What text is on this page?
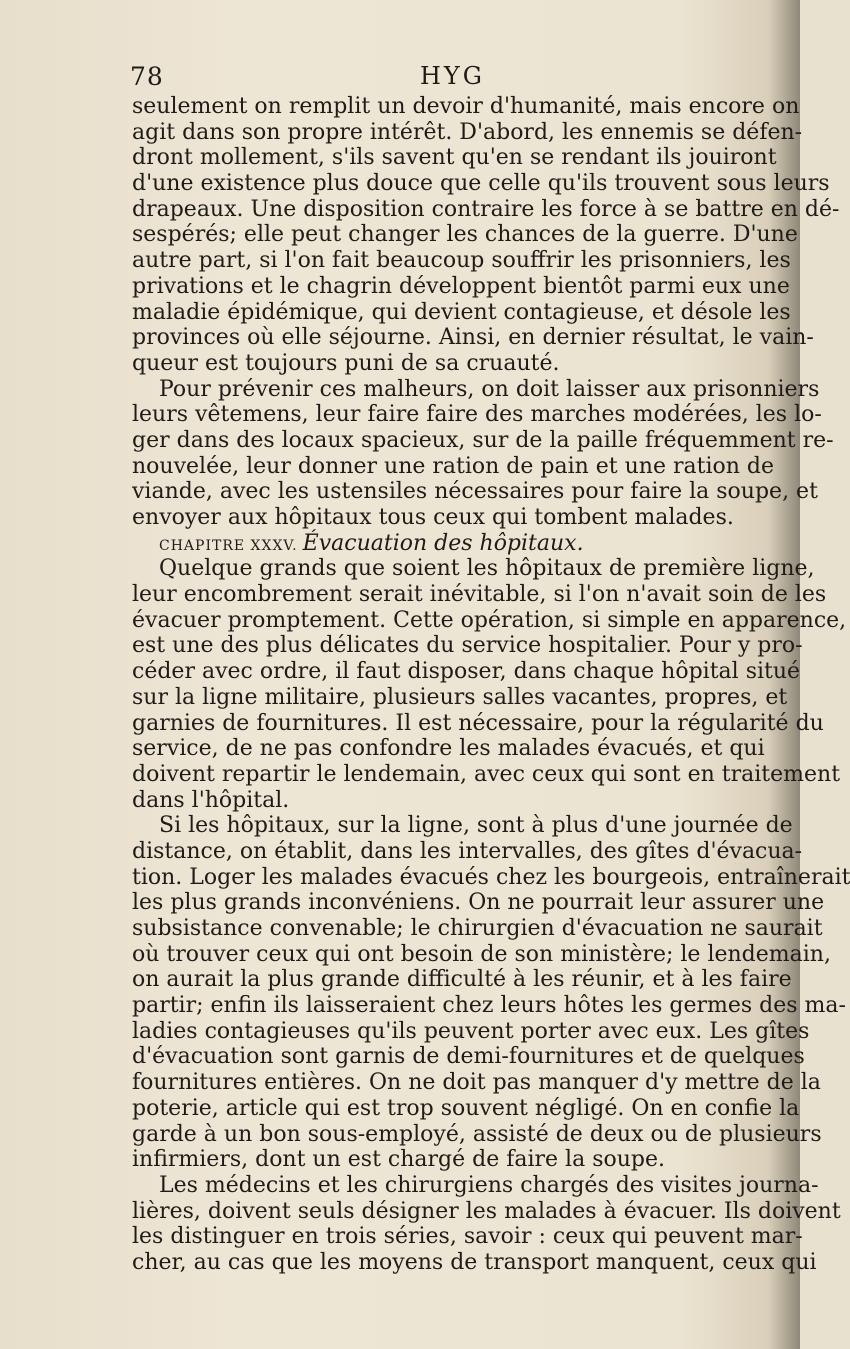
78	HYG
seulement on remplit un devoir d'humanité, mais encore on
agit dans son propre intérêt. D'abord, les ennemis se défen-
dront mollement, s'ils savent qu'en se rendant ils jouiront
d'une existence plus douce que celle qu'ils trouvent sous leurs
drapeaux. Une disposition contraire les force à se battre en dé-
sespérés; elle peut changer les chances de la guerre. D'une
autre part, si l'on fait beaucoup souffrir les prisonniers, les
privations et le chagrin développent bientôt parmi eux une
maladie épidémique, qui devient contagieuse, et désole les
provinces où elle séjourne. Ainsi, en dernier résultat, le vain-
queur est toujours puni de sa cruauté.
Pour prévenir ces malheurs, on doit laisser aux prisonniers
leurs vêtemens, leur faire faire des marches modérées, les lo-
ger dans des locaux spacieux, sur de la paille fréquemment re-
nouvelée, leur donner une ration de pain et une ration de
viande, avec les ustensiles nécessaires pour faire la soupe, et
envoyer aux hôpitaux tous ceux qui tombent malades.
CHAPITRE XXXV. Évacuation des hôpitaux.
Quelque grands que soient les hôpitaux de première ligne,
leur encombrement serait inévitable, si l'on n'avait soin de les
évacuer promptement. Cette opération, si simple en apparence,
est une des plus délicates du service hospitalier. Pour y pro-
céder avec ordre, il faut disposer, dans chaque hôpital situé
sur la ligne militaire, plusieurs salles vacantes, propres, et
garnies de fournitures. Il est nécessaire, pour la régularité du
service, de ne pas confondre les malades évacués, et qui
doivent repartir le lendemain, avec ceux qui sont en traitement
dans l'hôpital.
Si les hôpitaux, sur la ligne, sont à plus d'une journée de
distance, on établit, dans les intervalles, des gîtes d'évacua-
tion. Loger les malades évacués chez les bourgeois, entraînerait
les plus grands inconvéniens. On ne pourrait leur assurer une
subsistance convenable; le chirurgien d'évacuation ne saurait
où trouver ceux qui ont besoin de son ministère; le lendemain,
on aurait la plus grande difficulté à les réunir, et à les faire
partir; enfin ils laisseraient chez leurs hôtes les germes des ma-
ladies contagieuses qu'ils peuvent porter avec eux. Les gîtes
d'évacuation sont garnis de demi-fournitures et de quelques
fournitures entières. On ne doit pas manquer d'y mettre de la
poterie, article qui est trop souvent négligé. On en confie la
garde à un bon sous-employé, assisté de deux ou de plusieurs
infirmiers, dont un est chargé de faire la soupe.
Les médecins et les chirurgiens chargés des visites journa-
lières, doivent seuls désigner les malades à évacuer. Ils doivent
les distinguer en trois séries, savoir : ceux qui peuvent mar-
cher, au cas que les moyens de transport manquent, ceux qui
